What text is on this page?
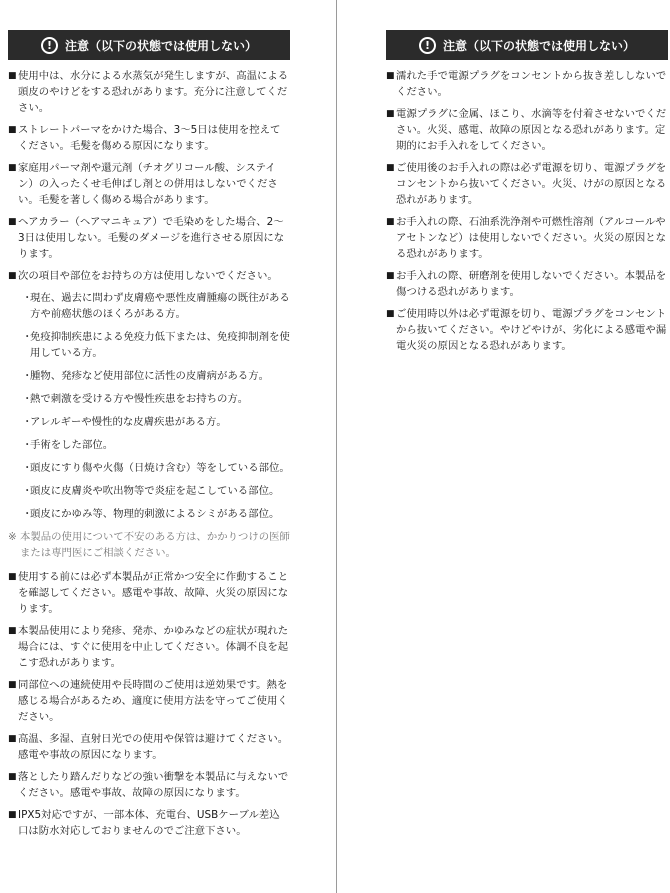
!	注意（以下の状態では使用しない）
■ 使用中は、水分による水蒸気が発生しますが、高温による頭皮のやけどをする恐れがあります。充分に注意してください。
■ ストレートパーマをかけた場合、3～5日は使用を控えてください。毛髪を傷める原因になります。
■ 家庭用パーマ剤や還元剤（チオグリコール酸、システイン）の入ったくせ毛伸ばし剤との併用はしないでください。毛髪を著しく傷める場合があります。
■ ヘアカラー（ヘアマニキュア）で毛染めをした場合、2～3日は使用しない。毛髪のダメージを進行させる原因になります。
■ 次の項目や部位をお持ちの方は使用しないでください。
・
現在、過去に問わず皮膚癌や悪性皮膚腫瘍の既往がある方や前癌状態のほくろがある方。
・
免疫抑制疾患による免疫力低下または、免疫抑制剤を使用している方。
・
腫物、発疹など使用部位に活性の皮膚病がある方。
・
熱で刺激を受ける方や慢性疾患をお持ちの方。
・
アレルギーや慢性的な皮膚疾患がある方。
・
手術をした部位。
・
頭皮にすり傷や火傷（日焼け含む）等をしている部位。
・
頭皮に皮膚炎や吹出物等で炎症を起こしている部位。
・
頭皮にかゆみ等、物理的刺激によるシミがある部位。
※ 本製品の使用について不安のある方は、かかりつけの医師または専門医にご相談ください。
■ 使用する前には必ず本製品が正常かつ安全に作動することを確認してください。感電や事故、故障、火災の原因になります。
■ 本製品使用により発疹、発赤、かゆみなどの症状が現れた場合には、すぐに使用を中止してください。体調不良を起こす恐れがあります。
■ 同部位への連続使用や長時間のご使用は逆効果です。熱を感じる場合があるため、適度に使用方法を守ってご使用ください。
■ 高温、多湿、直射日光での使用や保管は避けてください。感電や事故の原因になります。
■ 落としたり踏んだりなどの強い衝撃を本製品に与えないでください。感電や事故、故障の原因になります。
■ IPX5対応ですが、一部本体、充電台、USBケーブル差込口は防水対応しておりませんのでご注意下さい。
!	注意（以下の状態では使用しない）
■ 濡れた手で電源プラグをコンセントから抜き差ししないでください。
■ 電源プラグに金属、ほこり、水滴等を付着させないでください。火災、感電、故障の原因となる恐れがあります。定期的にお手入れをしてください。
■ ご使用後のお手入れの際は必ず電源を切り、電源プラグをコンセントから抜いてください。火災、けがの原因となる恐れがあります。
■ お手入れの際、石油系洗浄剤や可燃性溶剤（アルコールやアセトンなど）は使用しないでください。火災の原因となる恐れがあります。
■ お手入れの際、研磨剤を使用しないでください。本製品を傷つける恐れがあります。
■ ご使用時以外は必ず電源を切り、電源プラグをコンセントから抜いてください。やけどやけが、劣化による感電や漏電火災の原因となる恐れがあります。
